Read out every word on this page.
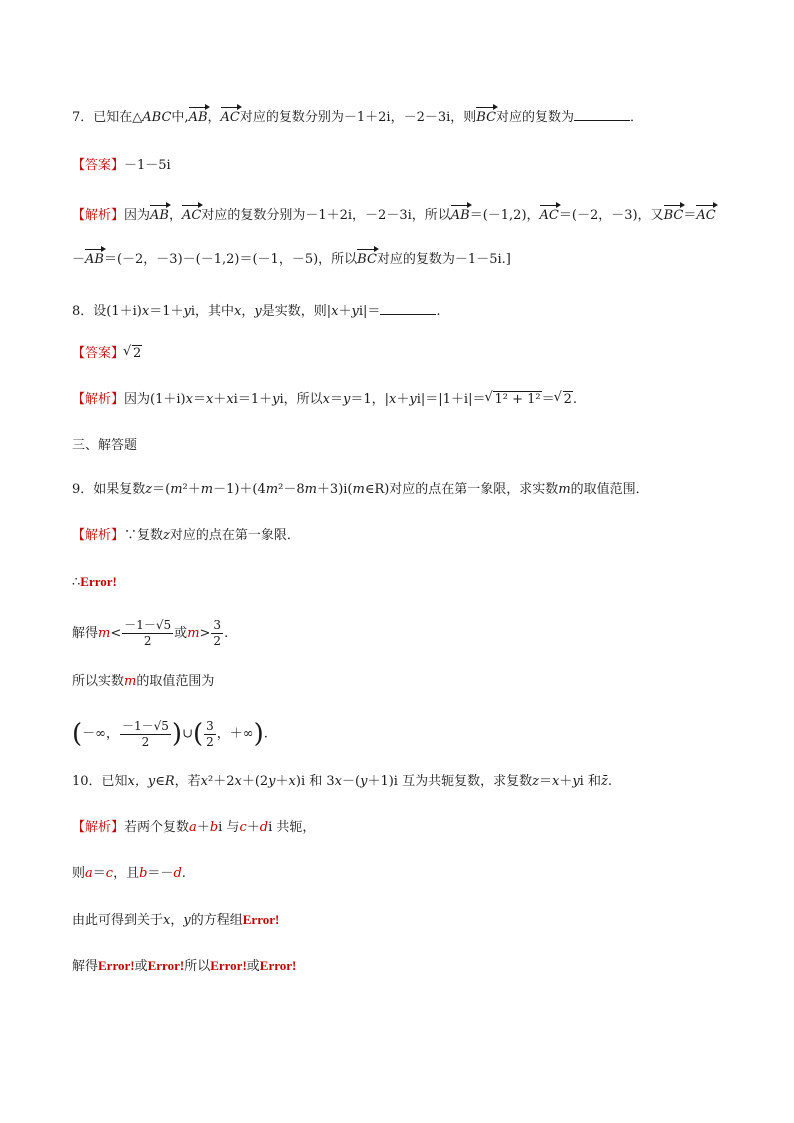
7．已知在△ABC中,AB，AC对应的复数分别为－1＋2i，－2－3i，则BC对应的复数为	．
【答案】－1－5i
【解析】因为AB，AC对应的复数分别为－1＋2i，－2－3i，所以AB＝(－1,2)，AC＝(－2，－3)，又BC＝AC
－AB＝(－2，－3)－(－1,2)＝(－1，－5)，所以BC对应的复数为－1－5i.]
8．设(1＋i)x＝1＋yi，其中x，y是实数，则|x＋yi|＝	.
【答案】 √ 2
【解析】因为(1＋i)x＝x＋xi＝1＋yi，所以x＝y＝1，|x＋yi|＝|1＋i|＝ √ 1² + 1²＝ √ 2.
三、解答题
9．如果复数z＝(m²＋m－1)＋(4m²－8m＋3)i(m∈R)对应的点在第一象限，求实数m的取值范围．
【解析】∵复数z对应的点在第一象限．
∴Error!
解得$m< \frac{-1-√5}{2}$ 或$m> \frac{3}{2}$ .
所以实数m的取值范围为
(－∞， $\frac{-1-√5}{2}$ )∪( $\frac{3}{2}$ ，＋∞).
10．已知x，y∈R，若x²＋2x＋(2y＋x)i 和 3x－(y＋1)i 互为共轭复数，求复数z＝x＋yi 和z̄.
【解析】若两个复数a＋bi 与c＋di 共轭，
则a＝c，且b＝－d.
由此可得到关于x，y的方程组Error!
解得Error!或Error!所以Error!或Error!
